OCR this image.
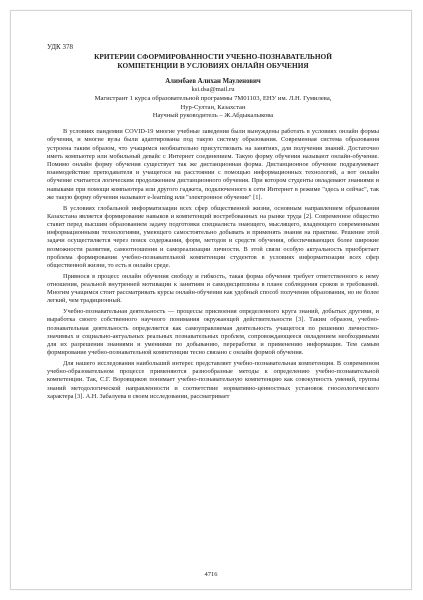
УДК 378

КРИТЕРИИ СФОРМИРОВАННОСТИ УЧЕБНО-ПОЗНАВАТЕЛЬНОЙ
КОМПЕТЕНЦИИ В УСЛОВИЯХ ОНЛАЙН ОБУЧЕНИЯ

Алимбаев Алихан Мауленович

ksi.dsa@mail.ru

Магистрант 1 курса образовательной программы 7М01103, ЕНУ им. Л.Н. Гумилева,

Нур-Султан, Казахстан

Научный руководитель – Ж.Абдыкалыкова

В условиях пандемии COVID-19 многие учебные заведения были вынуждены работать в условиях онлайн формы обучения, и многие вузы были адаптированы под такую систему образования. Современная система образования устроена таким образом, что учащимся необязательно присутствовать на занятиях, для получения знаний. Достаточно иметь компьютер или мобильный девайс с Интернет соединением. Такую форму обучения называют онлайн-обучение. Помимо онлайн форму обучения существует так же дистанционная форма. Дистанционное обучение подразумевает взаимодействие преподавателя и учащегося на расстоянии с помощью информационных технологий, а вот онлайн обучение считается логическим продолжением дистанционного обучения. При котором студенты овладевают знаниями и навыками при помощи компьютера или другого гаджета, подключенного к сети Интернет в режиме "здесь и сейчас", так же такую форму обучения называют e-learning или "электронное обучение" [1].

В условиях глобальной информатизации всех сфер общественной жизни, основным направлением образования Казахстана является формирование навыков и компетенций востребованных на рынке труда [2]. Современное общество ставит перед высшим образованием задачу подготовки специалиста знающего, мыслящего, владеющего современными информационными технологиями, умеющего самостоятельно добывать и применять знания на практике. Решение этой задачи осуществляется через поиск содержания, форм, методов и средств обучения, обеспечивающих более широкие возможности развития, самоотношения и самореализации личности. В этой связи особую актуальность приобретает проблема формирования учебно-познавательной компетенции студентов в условиях информатизации всех сфер общественной жизни, то есть в онлайн среде.

Привнося в процесс онлайн обучения свободу и гибкость, такая форма обучения требует ответственного к нему отношения, реальной внутренней мотивации к занятиям и самодисциплины в плане соблюдения сроков и требований. Многим учащимся стоит рассматривать курсы онлайн-обучения как удобный способ получения образования, но не более легкий, чем традиционный.

Учебно-познавательная деятельность — процессы присвоения определенного круга знаний, добытых другими, и выработка своего собственного научного понимания окружающей действительности [3]. Таким образом, учебно-познавательная деятельность определяется как самоуправляемая деятельность учащегося по решению личностно-значимых и социально-актуальных реальных познавательных проблем, сопровождающееся овладением необходимыми для их разрешения знаниями и умениями по добыванию, переработке и применению информации. Тем самым формирование учебно-познавательной компетенции тесно связано с онлайн формой обучения.

Для нашего исследования наибольший интерес представляет учебно-познавательная компетенция. В современном учебно-образовательном процессе применяются разнообразные методы к определению учебно-познавательной компетенции. Так, С.Г. Воровщиков понимает учебно-познавательную компетенцию как совокупность умений, группы знаний методологической направленности и соответствие нормативно-ценностных установок гносеологического характера [3]. А.Н. Забалуева в своем исследовании, рассматривает

4716
